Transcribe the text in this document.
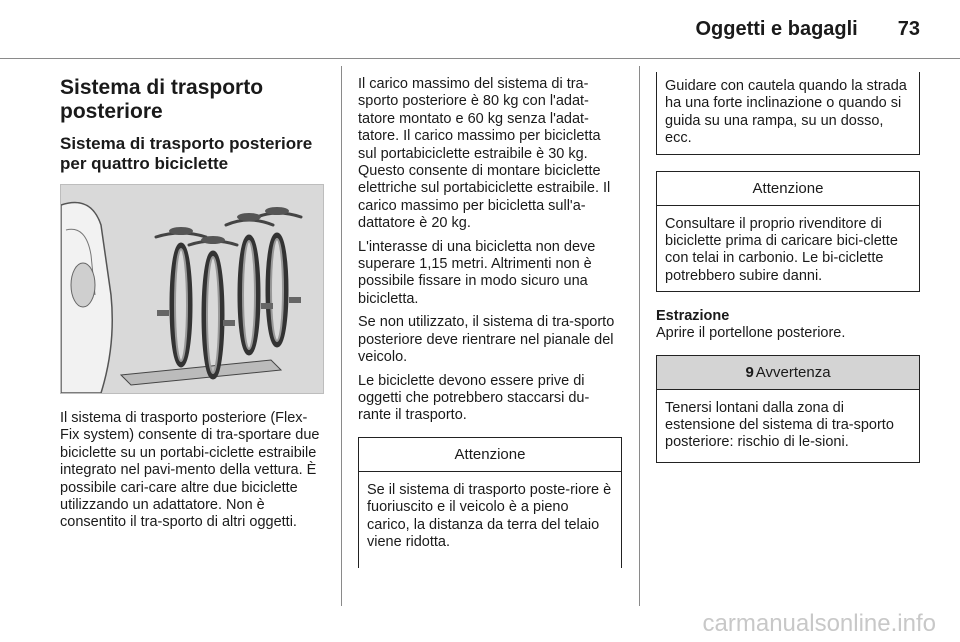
Oggetti e bagagli 73
Sistema di trasporto posteriore
Sistema di trasporto posteriore per quattro biciclette

Il sistema di trasporto posteriore (Flex-Fix system) consente di tra-sportare due biciclette su un portabi-ciclette estraibile integrato nel pavi-mento della vettura. È possibile cari-care altre due biciclette utilizzando un adattatore. Non è consentito il tra-sporto di altri oggetti.

Il carico massimo del sistema di tra-sporto posteriore è 80 kg con l'adat-tatore montato e 60 kg senza l'adat-tatore. Il carico massimo per bicicletta sul portabiciclette estraibile è 30 kg. Questo consente di montare biciclette elettriche sul portabiciclette estraibile. Il carico massimo per bicicletta sull'a-dattatore è 20 kg.

L'interasse di una bicicletta non deve superare 1,15 metri. Altrimenti non è possibile fissare in modo sicuro una bicicletta.

Se non utilizzato, il sistema di tra-sporto posteriore deve rientrare nel pianale del veicolo.

Le biciclette devono essere prive di oggetti che potrebbero staccarsi du-rante il trasporto.

Attenzione

Se il sistema di trasporto poste-riore è fuoriuscito e il veicolo è a pieno carico, la distanza da terra del telaio viene ridotta.

Guidare con cautela quando la strada ha una forte inclinazione o quando si guida su una rampa, su un dosso, ecc.

Attenzione

Consultare il proprio rivenditore di biciclette prima di caricare bici-clette con telai in carbonio. Le bi-ciclette potrebbero subire danni.

Estrazione

Aprire il portellone posteriore.

9 Avvertenza

Tenersi lontani dalla zona di estensione del sistema di tra-sporto posteriore: rischio di le-sioni.

carmanualsonline.info
